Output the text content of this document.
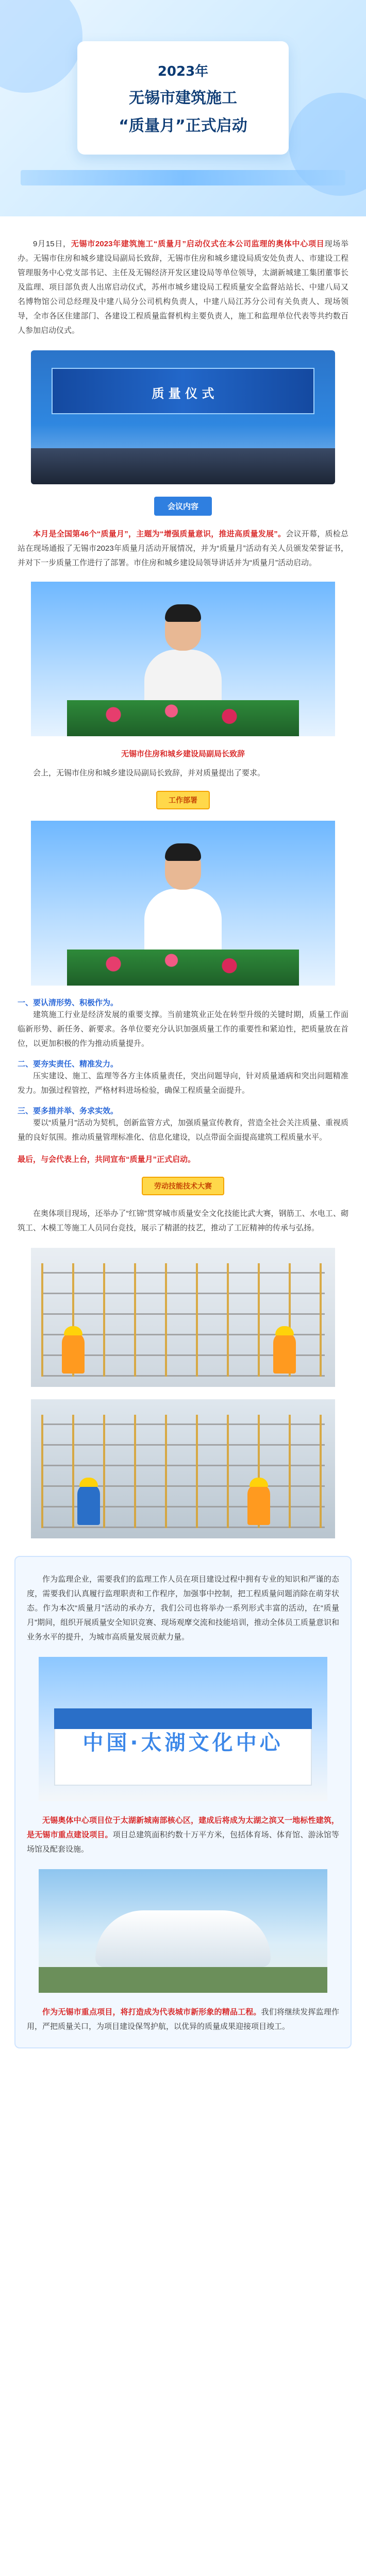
2023年
无锡市建筑施工
“质量月”正式启动

9月15日，无锡市2023年建筑施工“质量月”启动仪式在本公司监理的奥体中心项目现场举办。无锡市住房和城乡建设局副局长致辞，无锡市住房和城乡建设局质安处负责人、市建设工程管理服务中心党支部书记、主任及无锡经济开发区建设局等单位领导，太湖新城建工集团董事长及监理、项目部负责人出席启动仪式，苏州市城乡建设局工程质量安全监督站站长、中建八局又名博物馆公司总经理及中建八局分公司机构负责人，中建八局江苏分公司有关负责人、现场领导，全市各区住建部门、各建设工程质量监督机构主要负责人，施工和监理单位代表等共约数百人参加启动仪式。

质 量 仪 式
会议内容

本月是全国第46个“质量月”，主题为“增强质量意识，推进高质量发展”。会议开幕，质检总站在现场通报了无锡市2023年质量月活动开展情况，并为“质量月”活动有关人员颁发荣誉证书，并对下一步质量工作进行了部署。市住房和城乡建设局领导讲话并为“质量月”活动启动。

无锡市住房和城乡建设局副局长致辞

会上，无锡市住房和城乡建设局副局长致辞，并对质量提出了要求。

工作部署
一、要认清形势、积极作为。

建筑施工行业是经济发展的重要支撑。当前建筑业正处在转型升级的关键时期，质量工作面临新形势、新任务、新要求。各单位要充分认识加强质量工作的重要性和紧迫性，把质量放在首位，以更加积极的作为推动质量提升。

二、要夯实责任、精准发力。

压实建设、施工、监理等各方主体质量责任，突出问题导向，针对质量通病和突出问题精准发力。加强过程管控，严格材料进场检验，确保工程质量全面提升。

三、要多措并举、务求实效。

要以“质量月”活动为契机，创新监管方式，加强质量宣传教育，营造全社会关注质量、重视质量的良好氛围。推动质量管理标准化、信息化建设，以点带面全面提高建筑工程质量水平。

最后，与会代表上台，共同宣布“质量月”正式启动。

劳动技能技术大赛

在奥体项目现场，还举办了“红锦”贯穿城市质量安全文化技能比武大赛，钢筋工、水电工、砌筑工、木模工等施工人员同台竞技，展示了精湛的技艺，推动了工匠精神的传承与弘扬。

作为监理企业，需要我们的监理工作人员在项目建设过程中拥有专业的知识和严谨的态度，需要我们认真履行监理职责和工作程序，加强事中控制，把工程质量问题消除在萌芽状态。作为本次“质量月”活动的承办方，我们公司也将举办一系列形式丰富的活动，在“质量月”期间，组织开展质量安全知识竞赛、现场观摩交流和技能培训，推动全体员工质量意识和业务水平的提升，为城市高质量发展贡献力量。

中国·太湖文化中心

无锡奥体中心项目位于太湖新城南部核心区，建成后将成为太湖之滨又一地标性建筑，是无锡市重点建设项目。项目总建筑面积约数十万平方米，包括体育场、体育馆、游泳馆等场馆及配套设施。

作为无锡市重点项目，将打造成为代表城市新形象的精品工程。我们将继续发挥监理作用，严把质量关口，为项目建设保驾护航，以优异的质量成果迎接项目竣工。
